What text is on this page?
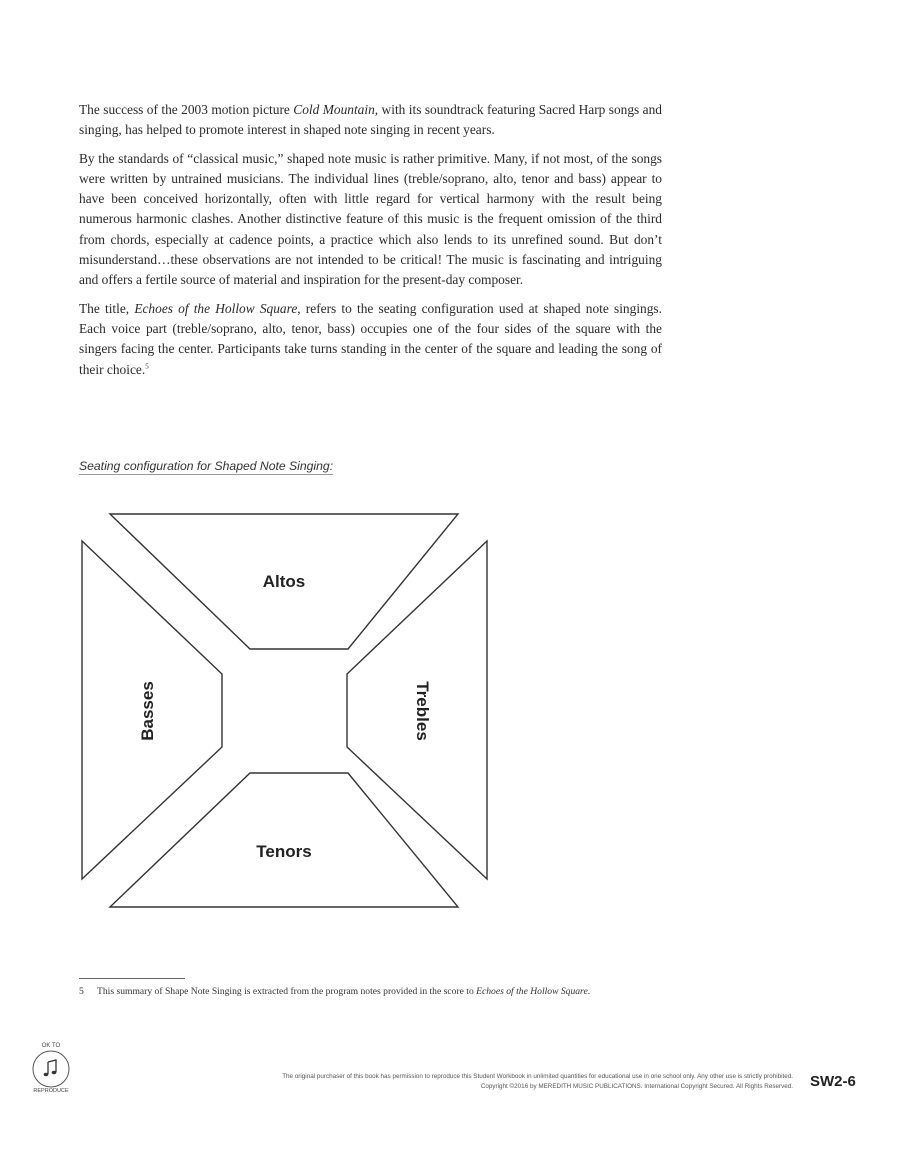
The success of the 2003 motion picture Cold Mountain, with its soundtrack featuring Sacred Harp songs and singing, has helped to promote interest in shaped note singing in recent years.

By the standards of “classical music,” shaped note music is rather primitive. Many, if not most, of the songs were written by untrained musicians. The individual lines (treble/soprano, alto, tenor and bass) appear to have been conceived horizontally, often with little regard for vertical harmony with the result being numerous harmonic clashes. Another distinctive feature of this music is the frequent omission of the third from chords, especially at cadence points, a practice which also lends to its unrefined sound. But don’t misunderstand…these observations are not intended to be critical! The music is fascinating and intriguing and offers a fertile source of material and inspiration for the present-day composer.

The title, Echoes of the Hollow Square, refers to the seating configuration used at shaped note singings. Each voice part (treble/soprano, alto, tenor, bass) occupies one of the four sides of the square with the singers facing the center. Participants take turns standing in the center of the square and leading the song of their choice.$^5$

Seating configuration for Shaped Note Singing:
Altos
Tenors
Basses	Trebles
5 This summary of Shape Note Singing is extracted from the program notes provided in the score to Echoes of the Hollow Square.
OK TO
REPRODUCE
The original purchaser of this book has permission to reproduce this Student Workbook in unlimited quantities for educational use in one school only. Any other use is strictly prohibited.
Copyright ©2016 by MEREDITH MUSIC PUBLICATIONS. International Copyright Secured. All Rights Reserved. SW2-6
